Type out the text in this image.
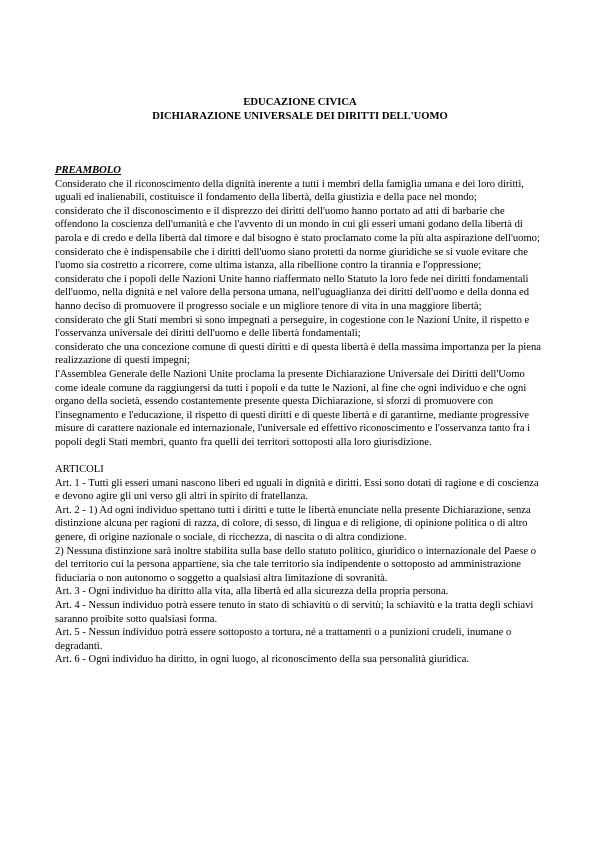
EDUCAZIONE CIVICA
DICHIARAZIONE UNIVERSALE DEI DIRITTI DELL'UOMO
PREAMBOLO
Considerato che il riconoscimento della dignità inerente a tutti i membri della famiglia umana e dei loro diritti, uguali ed inalienabili, costituisce il fondamento della libertà, della giustizia e della pace nel mondo;
considerato che il disconoscimento e il disprezzo dei diritti dell'uomo hanno portato ad atti di barbarie che offendono la coscienza dell'umanità e che l'avvento di un mondo in cui gli esseri umani godano della libertà di parola e di credo e della libertà dal timore e dal bisogno è stato proclamato come la più alta aspirazione dell'uomo;
considerato che è indispensabile che i diritti dell'uomo siano protetti da norme giuridiche se si vuole evitare che l'uomo sia costretto a ricorrere, come ultima istanza, alla ribellione contro la tirannia e l'oppressione;
considerato che i popoli delle Nazioni Unite hanno riaffermato nello Statuto la loro fede nei diritti fondamentali dell'uomo, nella dignità e nel valore della persona umana, nell'uguaglianza dei diritti dell'uomo e della donna ed hanno deciso di promuovere il progresso sociale e un migliore tenore di vita in una maggiore libertà;
considerato che gli Stati membri si sono impegnati a perseguire, in cogestione con le Nazioni Unite, il rispetto e l'osservanza universale dei diritti dell'uomo e delle libertà fondamentali;
considerato che una concezione comune di questi diritti e di questa libertà è della massima importanza per la piena realizzazione di questi impegni;
l'Assemblea Generale delle Nazioni Unite proclama la presente Dichiarazione Universale dei Diritti dell'Uomo come ideale comune da raggiungersi da tutti i popoli e da tutte le Nazioni, al fine che ogni individuo e che ogni organo della società, essendo costantemente presente questa Dichiarazione, si sforzi di promuovere con l'insegnamento e l'educazione, il rispetto di questi diritti e di queste libertà e di garantirne, mediante progressive misure di carattere nazionale ed internazionale, l'universale ed effettivo riconoscimento e l'osservanza tanto fra i popoli degli Stati membri, quanto fra quelli dei territori sottoposti alla loro giurisdizione.
ARTICOLI
Art. 1 - Tutti gli esseri umani nascono liberi ed uguali in dignità e diritti. Essi sono dotati di ragione e di coscienza e devono agire gli uni verso gli altri in spirito di fratellanza.
Art. 2 - 1) Ad ogni individuo spettano tutti i diritti e tutte le libertà enunciate nella presente Dichiarazione, senza distinzione alcuna per ragioni di razza, di colore, di sesso, di lingua e di religione, di opinione politica o di altro genere, di origine nazionale o sociale, di ricchezza, di nascita o di altra condizione.
2) Nessuna distinzione sarà inoltre stabilita sulla base dello statuto politico, giuridico o internazionale del Paese o del territorio cui la persona appartiene, sia che tale territorio sia indipendente o sottoposto ad amministrazione fiduciaria o non autonomo o soggetto a qualsiasi altra limitazione di sovranità.
Art. 3 - Ogni individuo ha diritto alla vita, alla libertà ed alla sicurezza della propria persona.
Art. 4 - Nessun individuo potrà essere tenuto in stato di schiavitù o di servitù; la schiavitù e la tratta degli schiavi saranno proibite sotto qualsiasi forma.
Art. 5 - Nessun individuo potrà essere sottoposto a tortura, né a trattamenti o a punizioni crudeli, inumane o degradanti.
Art. 6 - Ogni individuo ha diritto, in ogni luogo, al riconoscimento della sua personalità giuridica.
